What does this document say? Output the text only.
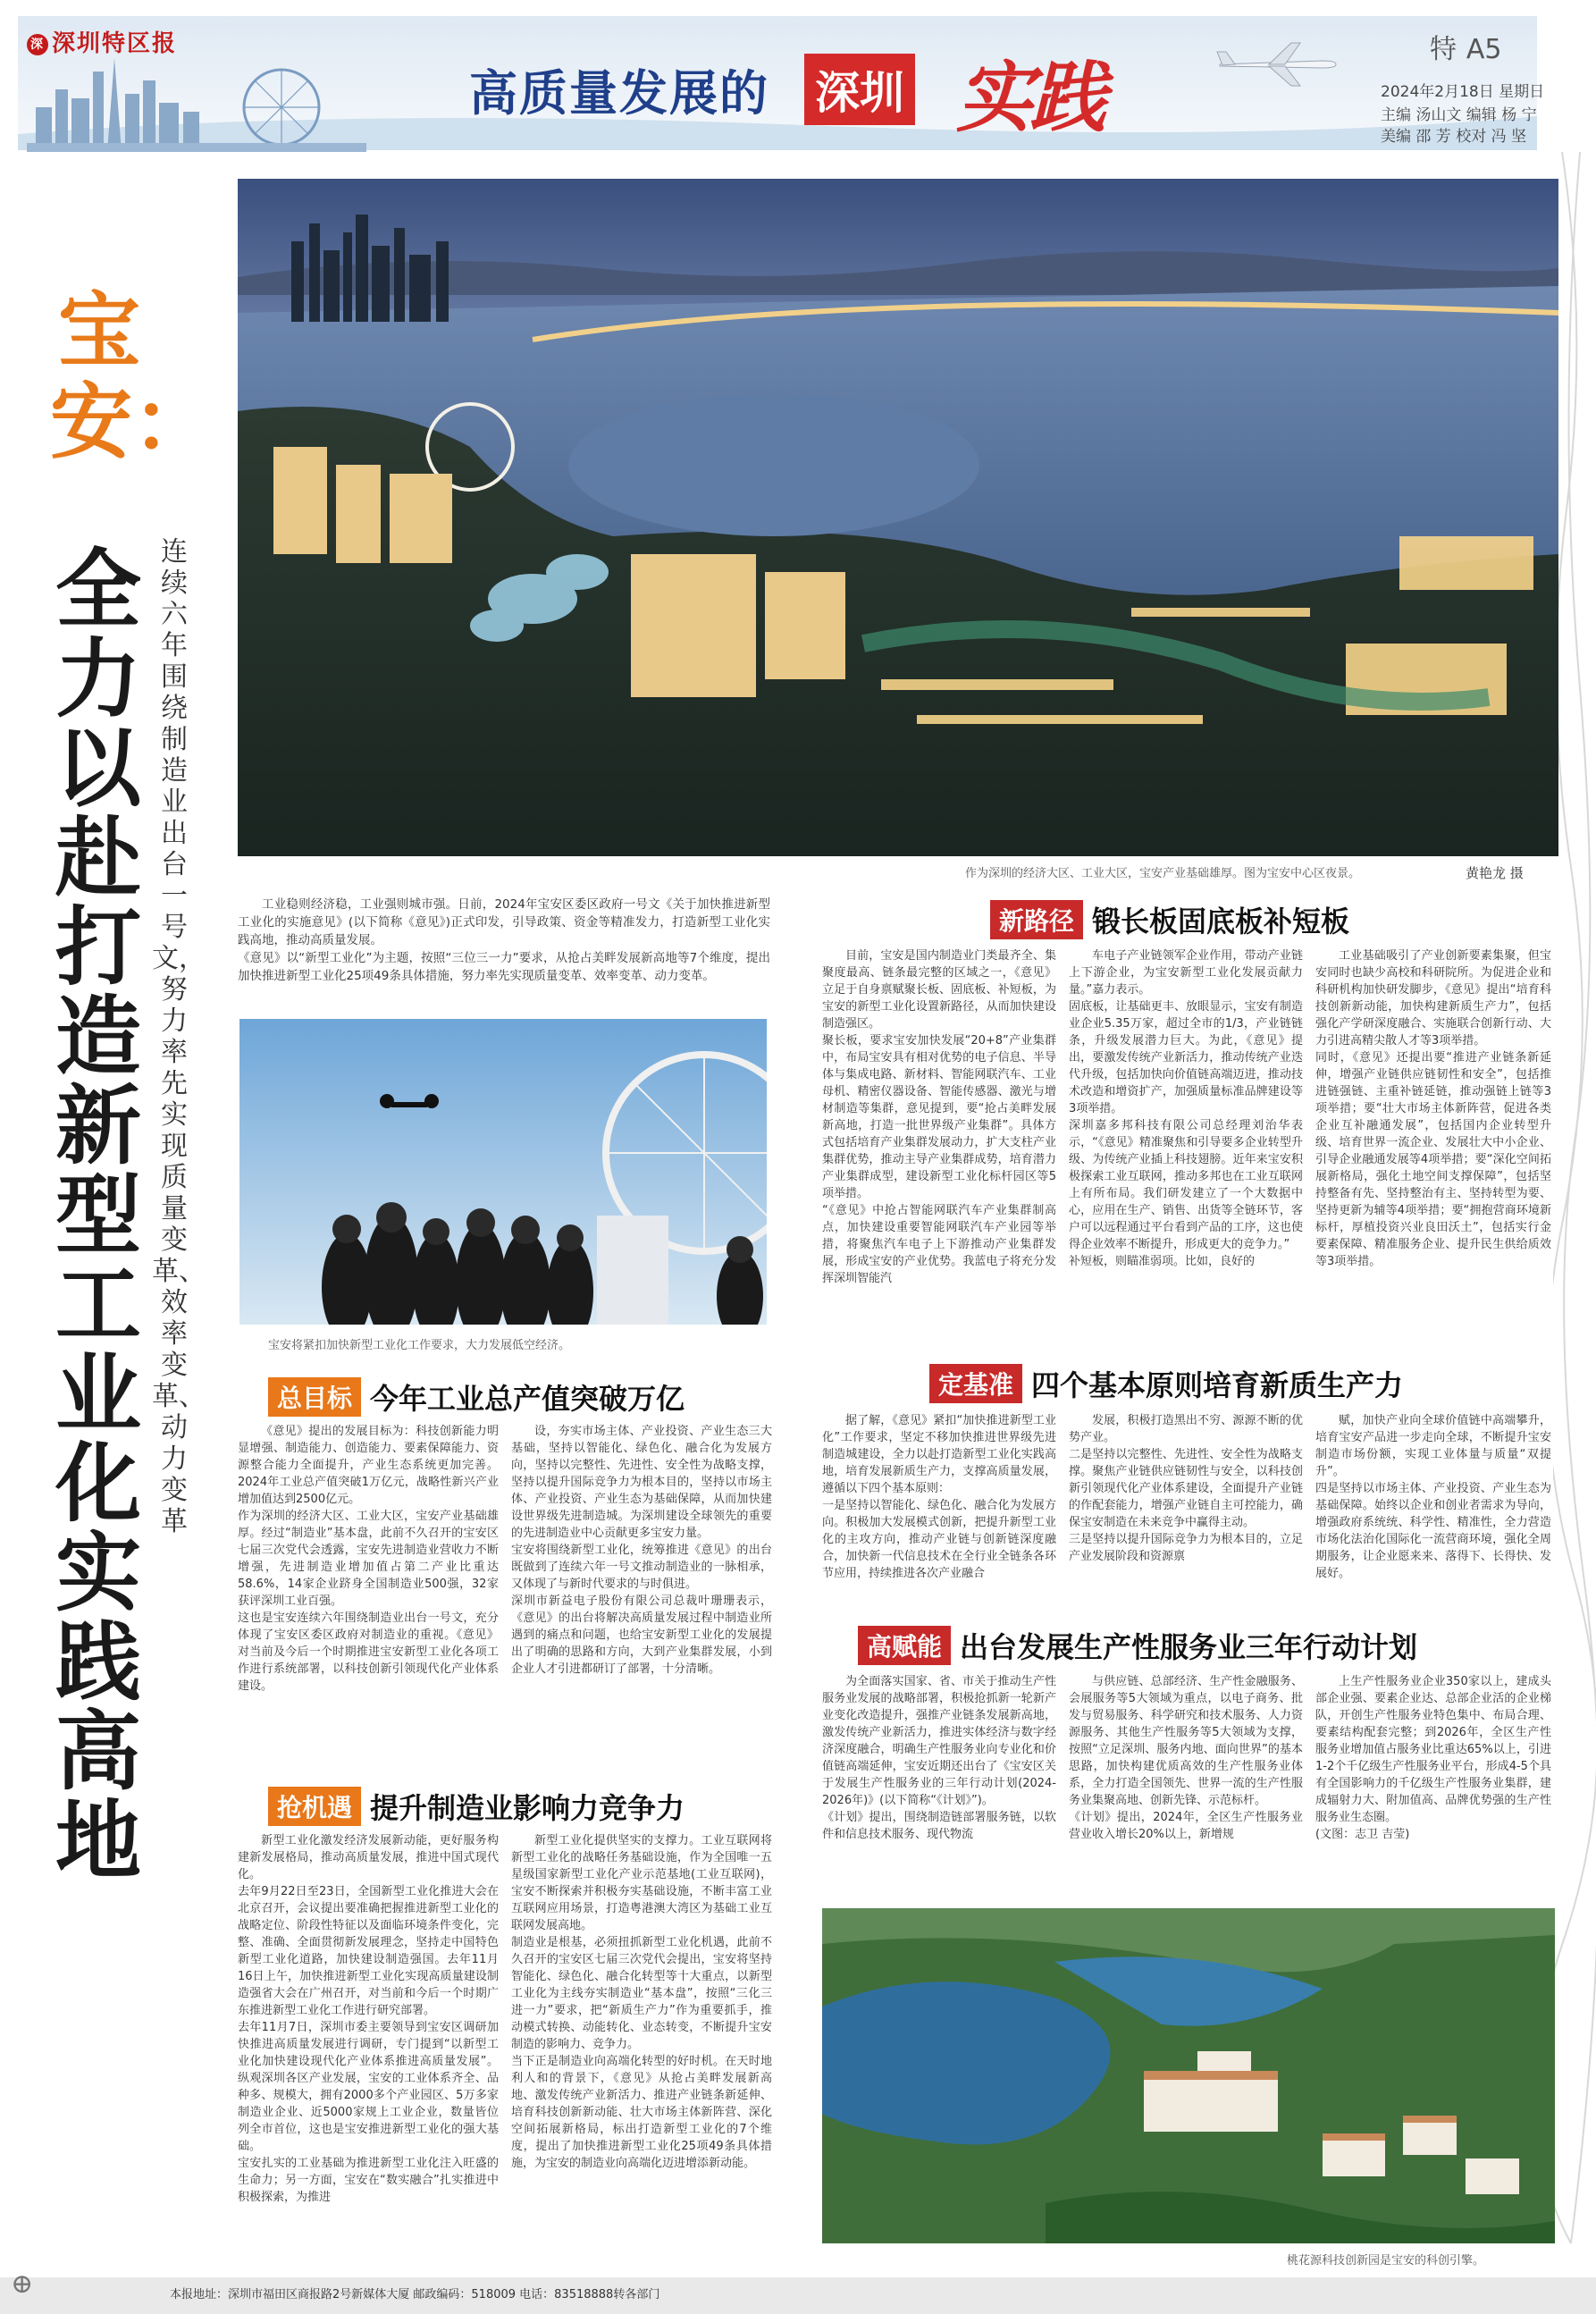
深 深圳特区报
高质量发展的 深圳 实践
特 A5
2024年2月18日 星期日
主编 汤山文 编辑 杨 宁
美编 邵 芳 校对 冯 坚
宝安：
全力以赴打造新型工业化实践高地
连续六年围绕制造业出台一号文，努力率先实现质量变革、效率变革、动力变革
作为深圳的经济大区、工业大区，宝安产业基础雄厚。图为宝安中心区夜景。	黄艳龙 摄
工业稳则经济稳，工业强则城市强。日前，2024年宝安区委区政府一号文《关于加快推进新型工业化的实施意见》(以下简称《意见》)正式印发，引导政策、资金等精准发力，打造新型工业化实践高地，推动高质量发展。
《意见》以“新型工业化”为主题，按照“三位三一力”要求，从抢占美畔发展新高地等7个维度，提出加快推进新型工业化25项49条具体措施，努力率先实现质量变革、效率变革、动力变革。
宝安将紧扣加快新型工业化工作要求，大力发展低空经济。
总目标 今年工业总产值突破万亿
《意见》提出的发展目标为：科技创新能力明显增强、制造能力、创造能力、要素保障能力、资源整合能力全面提升，产业生态系统更加完善。2024年工业总产值突破1万亿元，战略性新兴产业增加值达到2500亿元。
作为深圳的经济大区、工业大区，宝安产业基础雄厚。经过“制造业”基本盘，此前不久召开的宝安区七届三次党代会透露，宝安先进制造业营收力不断增强，先进制造业增加值占第二产业比重达58.6%，14家企业跻身全国制造业500强，32家获评深圳工业百强。
这也是宝安连续六年围绕制造业出台一号文，充分体现了宝安区委区政府对制造业的重视。《意见》对当前及今后一个时期推进宝安新型工业化各项工作进行系统部署，以科技创新引领现代化产业体系建设。
设，夯实市场主体、产业投资、产业生态三大基础，坚持以智能化、绿色化、融合化为发展方向，坚持以完整性、先进性、安全性为战略支撑，坚持以提升国际竞争力为根本目的，坚持以市场主体、产业投资、产业生态为基础保障，从而加快建设世界级先进制造城。为深圳建设全球领先的重要的先进制造业中心贡献更多宝安力量。
宝安将围绕新型工业化，统筹推进《意见》的出台既做到了连续六年一号文推动制造业的一脉相承，又体现了与新时代要求的与时俱进。
深圳市新益电子股份有限公司总裁叶珊珊表示，《意见》的出台将解决高质量发展过程中制造业所遇到的痛点和问题，也给宝安新型工业化的发展提出了明确的思路和方向，大到产业集群发展，小到企业人才引进都研订了部署，十分清晰。
抢机遇 提升制造业影响力竞争力
新型工业化激发经济发展新动能，更好服务构建新发展格局，推动高质量发展，推进中国式现代化。
去年9月22日至23日，全国新型工业化推进大会在北京召开，会议提出要准确把握推进新型工业化的战略定位、阶段性特征以及面临环境条件变化，完整、准确、全面贯彻新发展理念，坚持走中国特色新型工业化道路，加快建设制造强国。去年11月16日上午，加快推进新型工业化实现高质量建设制造强省大会在广州召开，对当前和今后一个时期广东推进新型工业化工作进行研究部署。
去年11月7日，深圳市委主要领导到宝安区调研加快推进高质量发展进行调研，专门提到“以新型工业化加快建设现代化产业体系推进高质量发展”。纵观深圳各区产业发展，宝安的工业体系齐全、品种多、规模大，拥有2000多个产业园区、5万多家制造业企业、近5000家规上工业企业，数量皆位列全市首位，这也是宝安推进新型工业化的强大基础。
宝安扎实的工业基础为推进新型工业化注入旺盛的生命力；另一方面，宝安在“数实融合”扎实推进中积极探索，为推进
新型工业化提供坚实的支撑力。工业互联网将新型工业化的战略任务基础设施，作为全国唯一五星级国家新型工业化产业示范基地(工业互联网)，宝安不断探索并积极夯实基础设施，不断丰富工业互联网应用场景，打造粤港澳大湾区为基础工业互联网发展高地。
制造业是根基，必须扭抓新型工业化机遇，此前不久召开的宝安区七届三次党代会提出，宝安将坚持智能化、绿色化、融合化转型等十大重点，以新型工业化为主线夯实制造业“基本盘”，按照“三化三进一力”要求，把“新质生产力”作为重要抓手，推动模式转换、动能转化、业态转变，不断提升宝安制造的影响力、竞争力。
当下正是制造业向高端化转型的好时机。在天时地利人和的背景下，《意见》从抢占美畔发展新高地、激发传统产业新活力、推进产业链条新延伸、培育科技创新新动能、壮大市场主体新阵营、深化空间拓展新格局，标出打造新型工业化的7个维度，提出了加快推进新型工业化25项49条具体措施，为宝安的制造业向高端化迈进增添新动能。
新路径 锻长板固底板补短板
目前，宝安是国内制造业门类最齐全、集聚度最高、链条最完整的区域之一，《意见》立足于自身禀赋聚长板、固底板、补短板，为宝安的新型工业化设置新路径，从而加快建设制造强区。
聚长板，要求宝安加快发展“20+8”产业集群中，布局宝安具有相对优势的电子信息、半导体与集成电路、新材料、智能网联汽车、工业母机、精密仪器设备、智能传感器、激光与增材制造等集群，意见提到，要“抢占美畔发展新高地，打造一批世界级产业集群”。具体方式包括培育产业集群发展动力，扩大支柱产业集群优势，推动主导产业集群成势，培育潜力产业集群成型，建设新型工业化标杆园区等5项举措。
“《意见》中抢占智能网联汽车产业集群制高点，加快建设重要智能网联汽车产业园等举措，将聚焦汽车电子上下游推动产业集群发展，形成宝安的产业优势。我蓝电子将充分发挥深圳智能汽
车电子产业链领军企业作用，带动产业链上下游企业，为宝安新型工业化发展贡献力量。”嘉力表示。
固底板，让基础更丰、放眼显示，宝安有制造业企业5.35万家，超过全市的1/3，产业链链条，升级发展潜力巨大。为此，《意见》提出，要激发传统产业新活力，推动传统产业迭代升级，包括加快向价值链高端迈进，推动技术改造和增资扩产，加强质量标准品牌建设等3项举措。
深圳嘉多邦科技有限公司总经理刘治华表示，“《意见》精准聚焦和引导要多企业转型升级、为传统产业插上科技翅膀。近年来宝安积极探索工业互联网，推动多邦也在工业互联网上有所布局。我们研发建立了一个大数据中心，应用在生产、销售、出货等全链环节，客户可以远程通过平台看到产品的工序，这也使得企业效率不断提升，形成更大的竞争力。”
补短板，则瞄准弱项。比如，良好的
工业基础吸引了产业创新要素集聚，但宝安同时也缺少高校和科研院所。为促进企业和科研机构加快研发脚步，《意见》提出“培育科技创新新动能，加快构建新质生产力”，包括强化产学研深度融合、实施联合创新行动、大力引进高精尖散人才等3项举措。
同时，《意见》还提出要“推进产业链条新延伸，增强产业链供应链韧性和安全”，包括推进链强链、主重补链延链，推动强链上链等3项举措；要“壮大市场主体新阵营，促进各类企业互补融通发展”，包括国内企业转型升级、培育世界一流企业、发展壮大中小企业、引导企业融通发展等4项举措；要“深化空间拓展新格局，强化土地空间支撑保障”，包括坚持整备有先、坚持整治有主、坚持转型为要、坚持更新为辅等4项举措；要“拥抱营商环境新标杆，厚植投资兴业良田沃土”，包括实行金要素保障、精准服务企业、提升民生供给质效等3项举措。
定基准 四个基本原则培育新质生产力
据了解，《意见》紧扣“加快推进新型工业化”工作要求，坚定不移加快推进世界级先进制造城建设，全力以赴打造新型工业化实践高地，培育发展新质生产力，支撑高质量发展，遵循以下四个基本原则：
一是坚持以智能化、绿色化、融合化为发展方向。积极加大发展模式创新，把提升新型工业化的主攻方向，推动产业链与创新链深度融合，加快新一代信息技术在全行业全链条各环节应用，持续推进各次产业融合
发展，积极打造黑出不穷、源源不断的优势产业。
二是坚持以完整性、先进性、安全性为战略支撑。聚焦产业链供应链韧性与安全，以科技创新引领现代化产业体系建设，全面提升产业链的作配套能力，增强产业链自主可控能力，确保宝安制造在未来竞争中赢得主动。
三是坚持以提升国际竞争力为根本目的，立足产业发展阶段和资源禀
赋，加快产业向全球价值链中高端攀升，培育宝安产品进一步走向全球，不断提升宝安制造市场份额，实现工业体量与质量“双提升”。
四是坚持以市场主体、产业投资、产业生态为基础保障。始终以企业和创业者需求为导向，增强政府系统统、科学性、精准性，全力营造市场化法治化国际化一流营商环境，强化全周期服务，让企业愿来来、落得下、长得快、发展好。
高赋能 出台发展生产性服务业三年行动计划
为全面落实国家、省、市关于推动生产性服务业发展的战略部署，积极抢抓新一轮新产业变化改造提升，强推产业链条发展新高地，激发传统产业新活力，推进实体经济与数字经济深度融合，明确生产性服务业向专业化和价值链高端延伸，宝安近期还出台了《宝安区关于发展生产性服务业的三年行动计划(2024-2026年)》(以下简称“《计划》”)。
《计划》提出，围绕制造链部署服务链，以软件和信息技术服务、现代物流
与供应链、总部经济、生产性金融服务、会展服务等5大领域为重点，以电子商务、批发与贸易服务、科学研究和技术服务、人力资源服务、其他生产性服务等5大领域为支撑，按照“立足深圳、服务内地、面向世界”的基本思路，加快构建优质高效的生产性服务业体系，全力打造全国领先、世界一流的生产性服务业集聚高地、创新先锋、示范标杆。
《计划》提出，2024年，全区生产性服务业营业收入增长20%以上，新增规
上生产性服务业企业350家以上，建成头部企业强、要素企业达、总部企业活的企业梯队，开创生产性服务业特色集中、布局合理、要素结构配套完整；到2026年，全区生产性服务业增加值占服务业比重达65%以上，引进1-2个千亿级生产性服务业平台，形成4-5个具有全国影响力的千亿级生产性服务业集群，建成辐射力大、附加值高、品牌优势强的生产性服务业生态圈。
(文图：志卫 吉莹)
桃花源科技创新园是宝安的科创引擎。
⊕	本报地址：深圳市福田区商报路2号新媒体大厦 邮政编码：518009 电话：83518888转各部门
